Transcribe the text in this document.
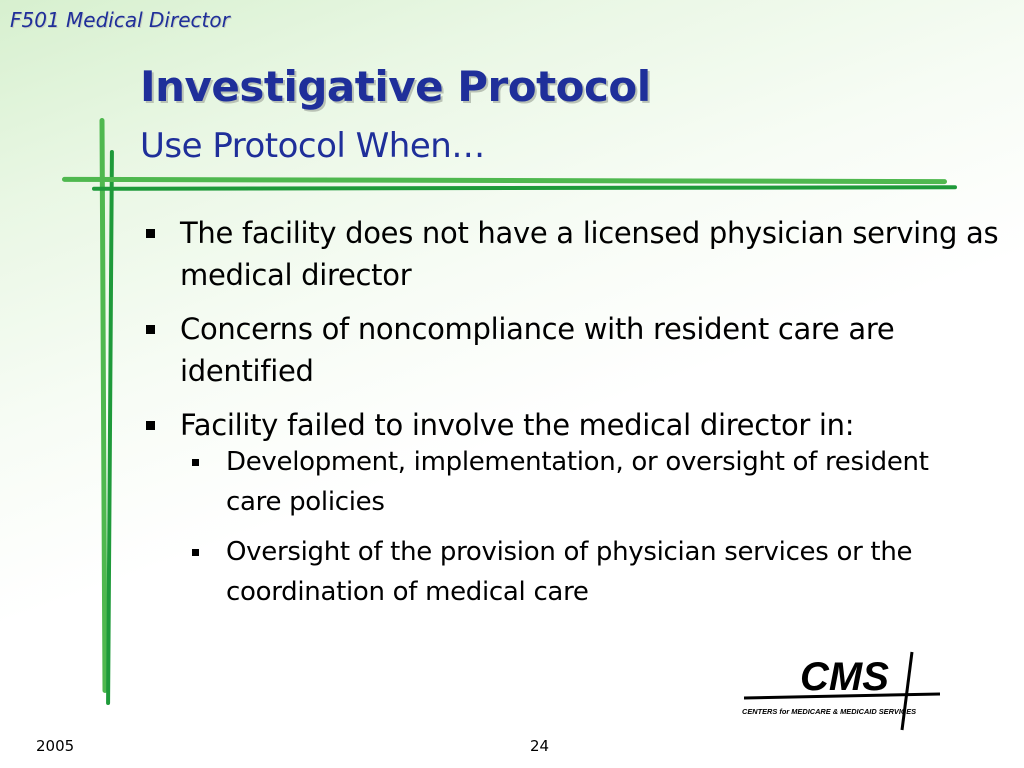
F501 Medical Director
Investigative Protocol
Use Protocol When…
The facility does not have a licensed physician serving as medical director
Concerns of noncompliance with resident care are identified
Facility failed to involve the medical director in:
Development, implementation, or oversight of resident care policies
Oversight of the provision of physician services or the coordination of medical care
CMS
CENTERS for MEDICARE & MEDICAID SERVICES
2005	24
